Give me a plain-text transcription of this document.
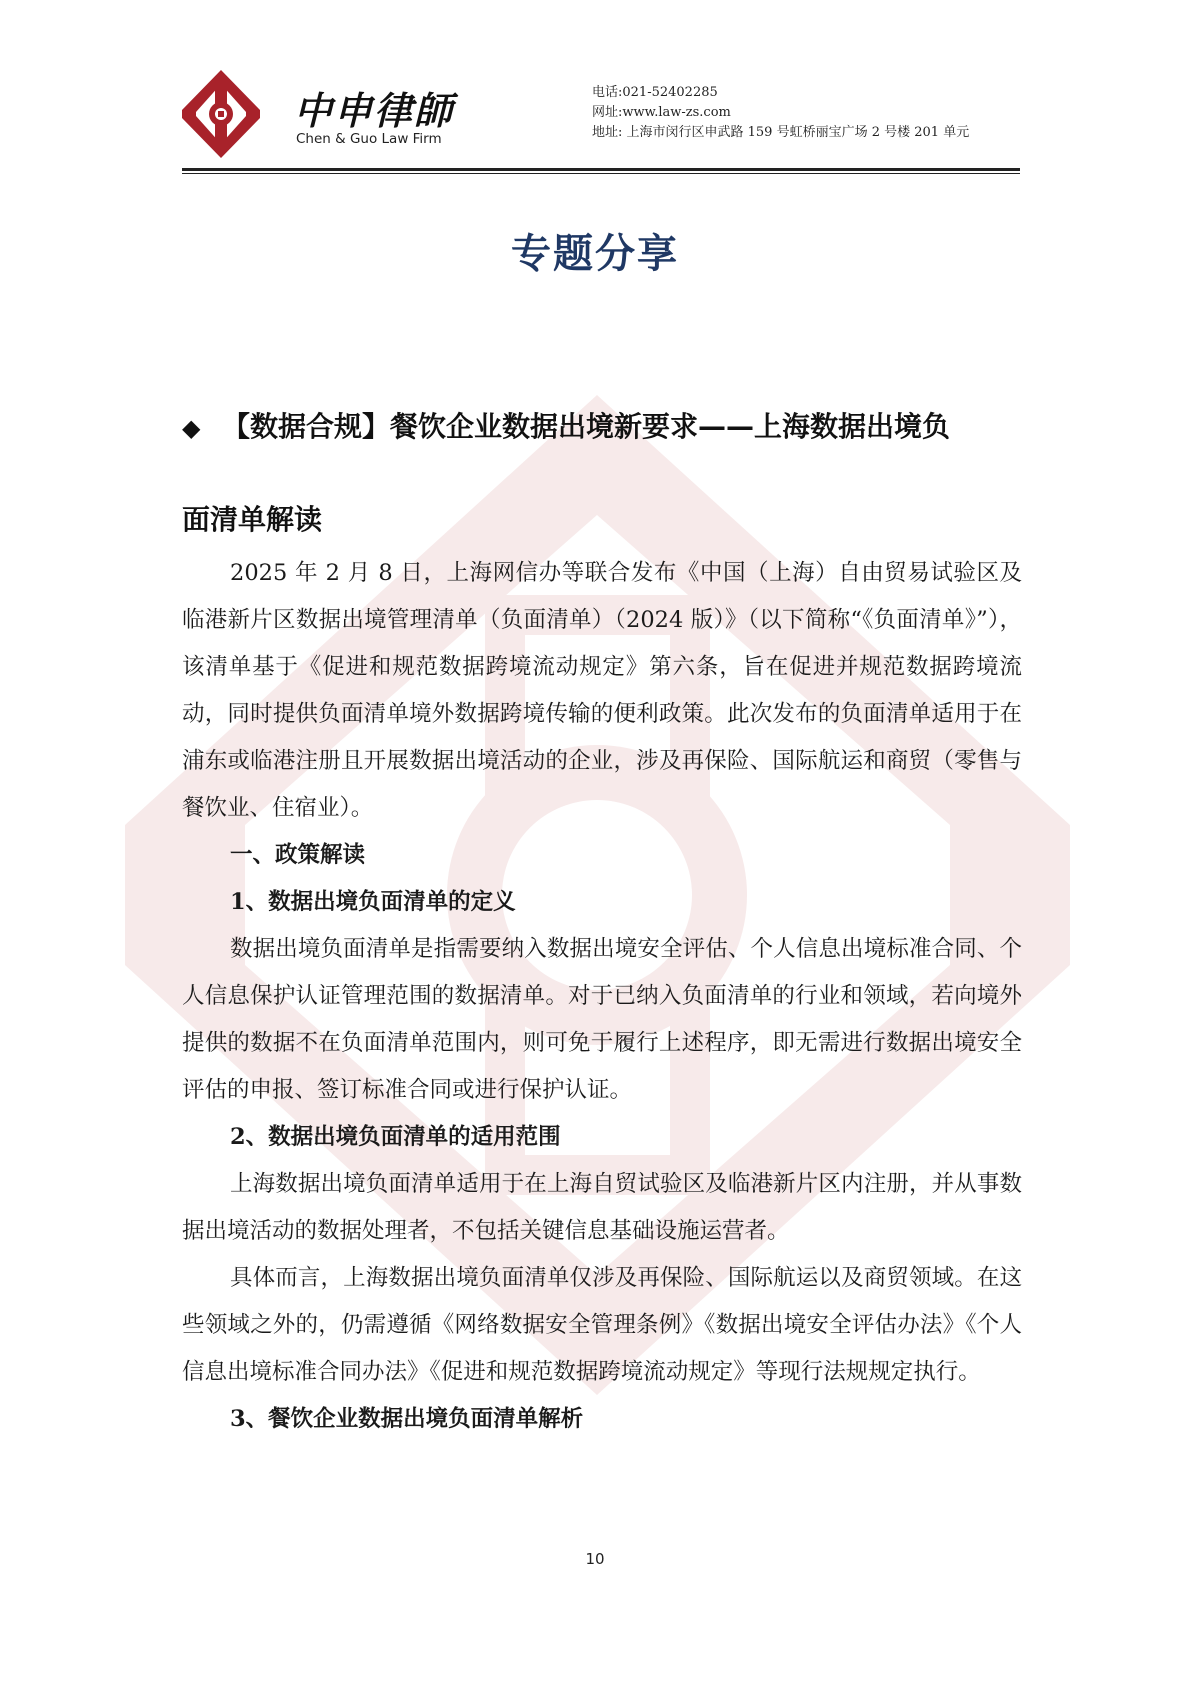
中申律師
Chen & Guo Law Firm
电话:021-52402285
网址:www.law-zs.com
地址: 上海市闵行区申武路 159 号虹桥丽宝广场 2 号楼 201 单元
专题分享
◆ 【数据合规】餐饮企业数据出境新要求——上海数据出境负
面清单解读

2025 年 2 月 8 日，上海网信办等联合发布《中国（上海）自由贸易试验区及临港新片区数据出境管理清单（负面清单）（2024 版）》（以下简称“《负面清单》”），该清单基于《促进和规范数据跨境流动规定》第六条，旨在促进并规范数据跨境流动，同时提供负面清单境外数据跨境传输的便利政策。此次发布的负面清单适用于在浦东或临港注册且开展数据出境活动的企业，涉及再保险、国际航运和商贸（零售与餐饮业、住宿业）。

一、政策解读

1、数据出境负面清单的定义

数据出境负面清单是指需要纳入数据出境安全评估、个人信息出境标准合同、个人信息保护认证管理范围的数据清单。对于已纳入负面清单的行业和领域，若向境外提供的数据不在负面清单范围内，则可免于履行上述程序，即无需进行数据出境安全评估的申报、签订标准合同或进行保护认证。

2、数据出境负面清单的适用范围

上海数据出境负面清单适用于在上海自贸试验区及临港新片区内注册，并从事数据出境活动的数据处理者，不包括关键信息基础设施运营者。

具体而言，上海数据出境负面清单仅涉及再保险、国际航运以及商贸领域。在这些领域之外的，仍需遵循《网络数据安全管理条例》《数据出境安全评估办法》《个人信息出境标准合同办法》《促进和规范数据跨境流动规定》等现行法规规定执行。

3、餐饮企业数据出境负面清单解析

10
